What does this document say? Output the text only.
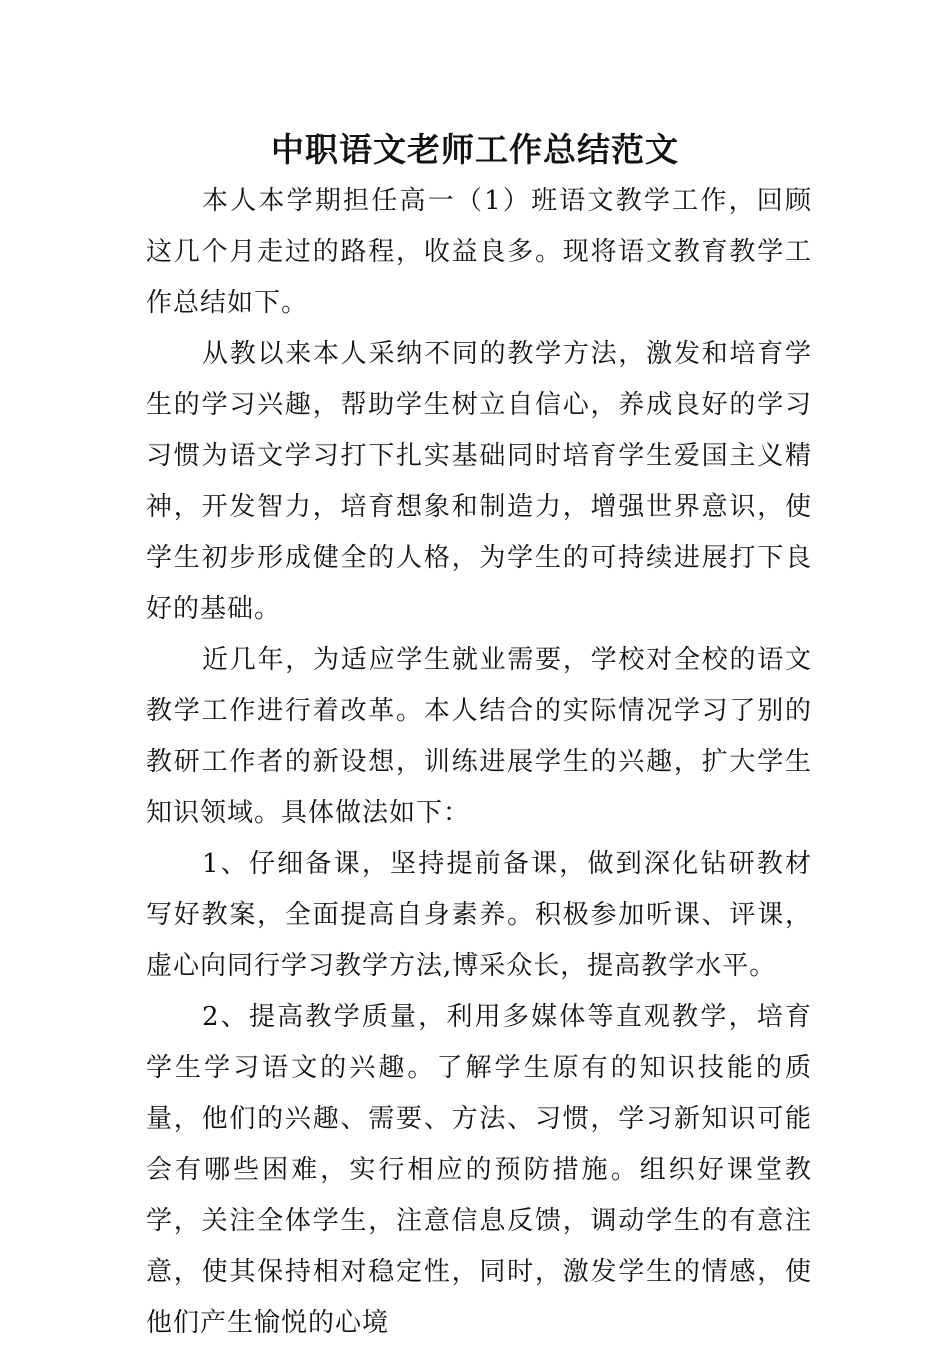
中职语文老师工作总结范文

本人本学期担任高一（1）班语文教学工作，回顾这几个月走过的路程，收益良多。现将语文教育教学工作总结如下。

从教以来本人采纳不同的教学方法，激发和培育学生的学习兴趣，帮助学生树立自信心，养成良好的学习习惯为语文学习打下扎实基础同时培育学生爱国主义精神，开发智力，培育想象和制造力，增强世界意识，使学生初步形成健全的人格，为学生的可持续进展打下良好的基础。

近几年，为适应学生就业需要，学校对全校的语文教学工作进行着改革。本人结合的实际情况学习了别的教研工作者的新设想，训练进展学生的兴趣，扩大学生知识领域。具体做法如下：

1、仔细备课，坚持提前备课，做到深化钻研教材写好教案，全面提高自身素养。积极参加听课、评课，虚心向同行学习教学方法,博采众长，提高教学水平。

2、提高教学质量，利用多媒体等直观教学，培育学生学习语文的兴趣。了解学生原有的知识技能的质量，他们的兴趣、需要、方法、习惯，学习新知识可能会有哪些困难，实行相应的预防措施。组织好课堂教学，关注全体学生，注意信息反馈，调动学生的有意注意，使其保持相对稳定性，同时，激发学生的情感，使他们产生愉悦的心境
